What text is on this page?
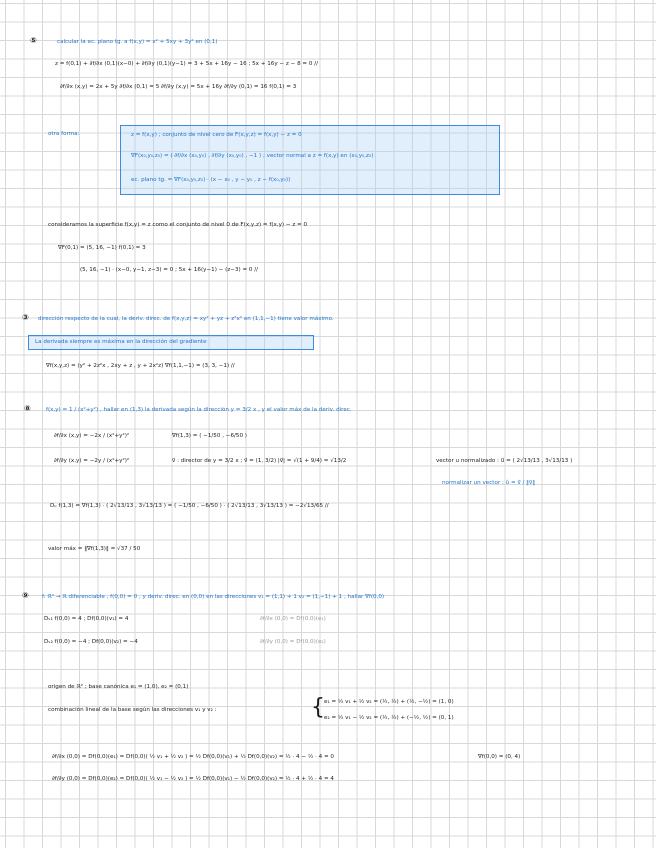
⑤	calcular la ec. plano tg. a f(x,y) = x² + 5xy + 3y² en (0,1)
z = f(0,1) + ∂f/∂x (0,1)(x−0) + ∂f/∂y (0,1)(y−1) = 3 + 5x + 16y − 16 ; 5x + 16y − z − 8 = 0 //
∂f/∂x (x,y) = 2x + 5y ∂f/∂x (0,1) = 5 ∂f/∂y (x,y) = 5x + 16y ∂f/∂y (0,1) = 16 f(0,1) = 3
otra forma:	z = f(x,y) ; conjunto de nivel cero de F(x,y,z) = f(x,y) − z = 0
∇F(x₀,y₀,z₀) = ( ∂f/∂x (x₀,y₀) , ∂f/∂y (x₀,y₀) , −1 ) ; vector normal a z = f(x,y) en (x₀,y₀,z₀)
ec. plano tg. = ∇F(x₀,y₀,z₀) · (x − x₀ , y − y₀ , z − f(x₀,y₀))
consideramos la superficie f(x,y) = z como el conjunto de nivel 0 de F(x,y,z) = f(x,y) − z = 0
∇F(0,1) = (5, 16, −1) f(0,1) = 3
(5, 16, −1) · (x−0, y−1, z−3) = 0 ; 5x + 16(y−1) − (z−3) = 0 //
③ dirección respecto de la cual, la deriv. direc. de f(x,y,z) = xy² + yz + z²x² en (1,1,−1) tiene valor máximo.
La derivada siempre es máxima en la dirección del gradiente
∇f(x,y,z) = (y² + 2z²x , 2xy + z , y + 2x²z) ∇f(1,1,−1) = (3, 3, −1) //
⑧	f(x,y) = 1 / (x²+y²) , hallar en (1,3) la derivada según la dirección y = 3/2 x , y el valor máx de la deriv. direc.
∂f/∂x (x,y) = −2x / (x²+y²)²	∇f(1,3) = ( −1/50 , −6/50 )
∂f/∂y (x,y) = −2y / (x²+y²)²	v⃗ : director de y = 3/2 x ; v⃗ = (1, 3/2) |v⃗| = √(1 + 9/4) = √13/2	vector u normalizado : u⃗ = ( 2√13/13 , 3√13/13 )
normalizar un vector : û = v⃗ / ‖v⃗‖
Dᵤ f(1,3) = ∇f(1,3) · ( 2√13/13 , 3√13/13 ) = ( −1/50 , −6/50 ) · ( 2√13/13 , 3√13/13 ) = −2√13/65 //
valor máx = ‖∇f(1,3)‖ = √37 / 50
⑨ f: ℝ² → ℝ diferenciable , f(0,0) = 0 , y deriv. direc. en (0,0) en las direcciones v₁ = (1,1) + 1 v₂ = (1,−1) + 1 , hallar ∇f(0,0)
Dᵥ₁ f(0,0) = 4 ; Df(0,0)(v₁) = 4	∂f/∂x (0,0) = Df(0,0)(e₁)
Dᵥ₂ f(0,0) = −4 ; Df(0,0)(v₂) = −4	∂f/∂y (0,0) = Df(0,0)(e₂)
origen de ℝ² ; base canónica e₁ = (1,0), e₂ = (0,1)
combinación lineal de la base según las direcciones v₁ y v₂ :	{ e₁ = ½ v₁ + ½ v₂ = (½, ½) + (½, −½) = (1, 0)
e₂ = ½ v₁ − ½ v₂ = (½, ½) + (−½, ½) = (0, 1)
∂f/∂x (0,0) = Df(0,0)(e₁) = Df(0,0)( ½ v₁ + ½ v₂ ) = ½ Df(0,0)(v₁) + ½ Df(0,0)(v₂) = ½ · 4 − ½ · 4 = 0	∇f(0,0) = (0, 4)
∂f/∂y (0,0) = Df(0,0)(e₂) = Df(0,0)( ½ v₁ − ½ v₂ ) = ½ Df(0,0)(v₁) − ½ Df(0,0)(v₂) = ½ · 4 + ½ · 4 = 4
